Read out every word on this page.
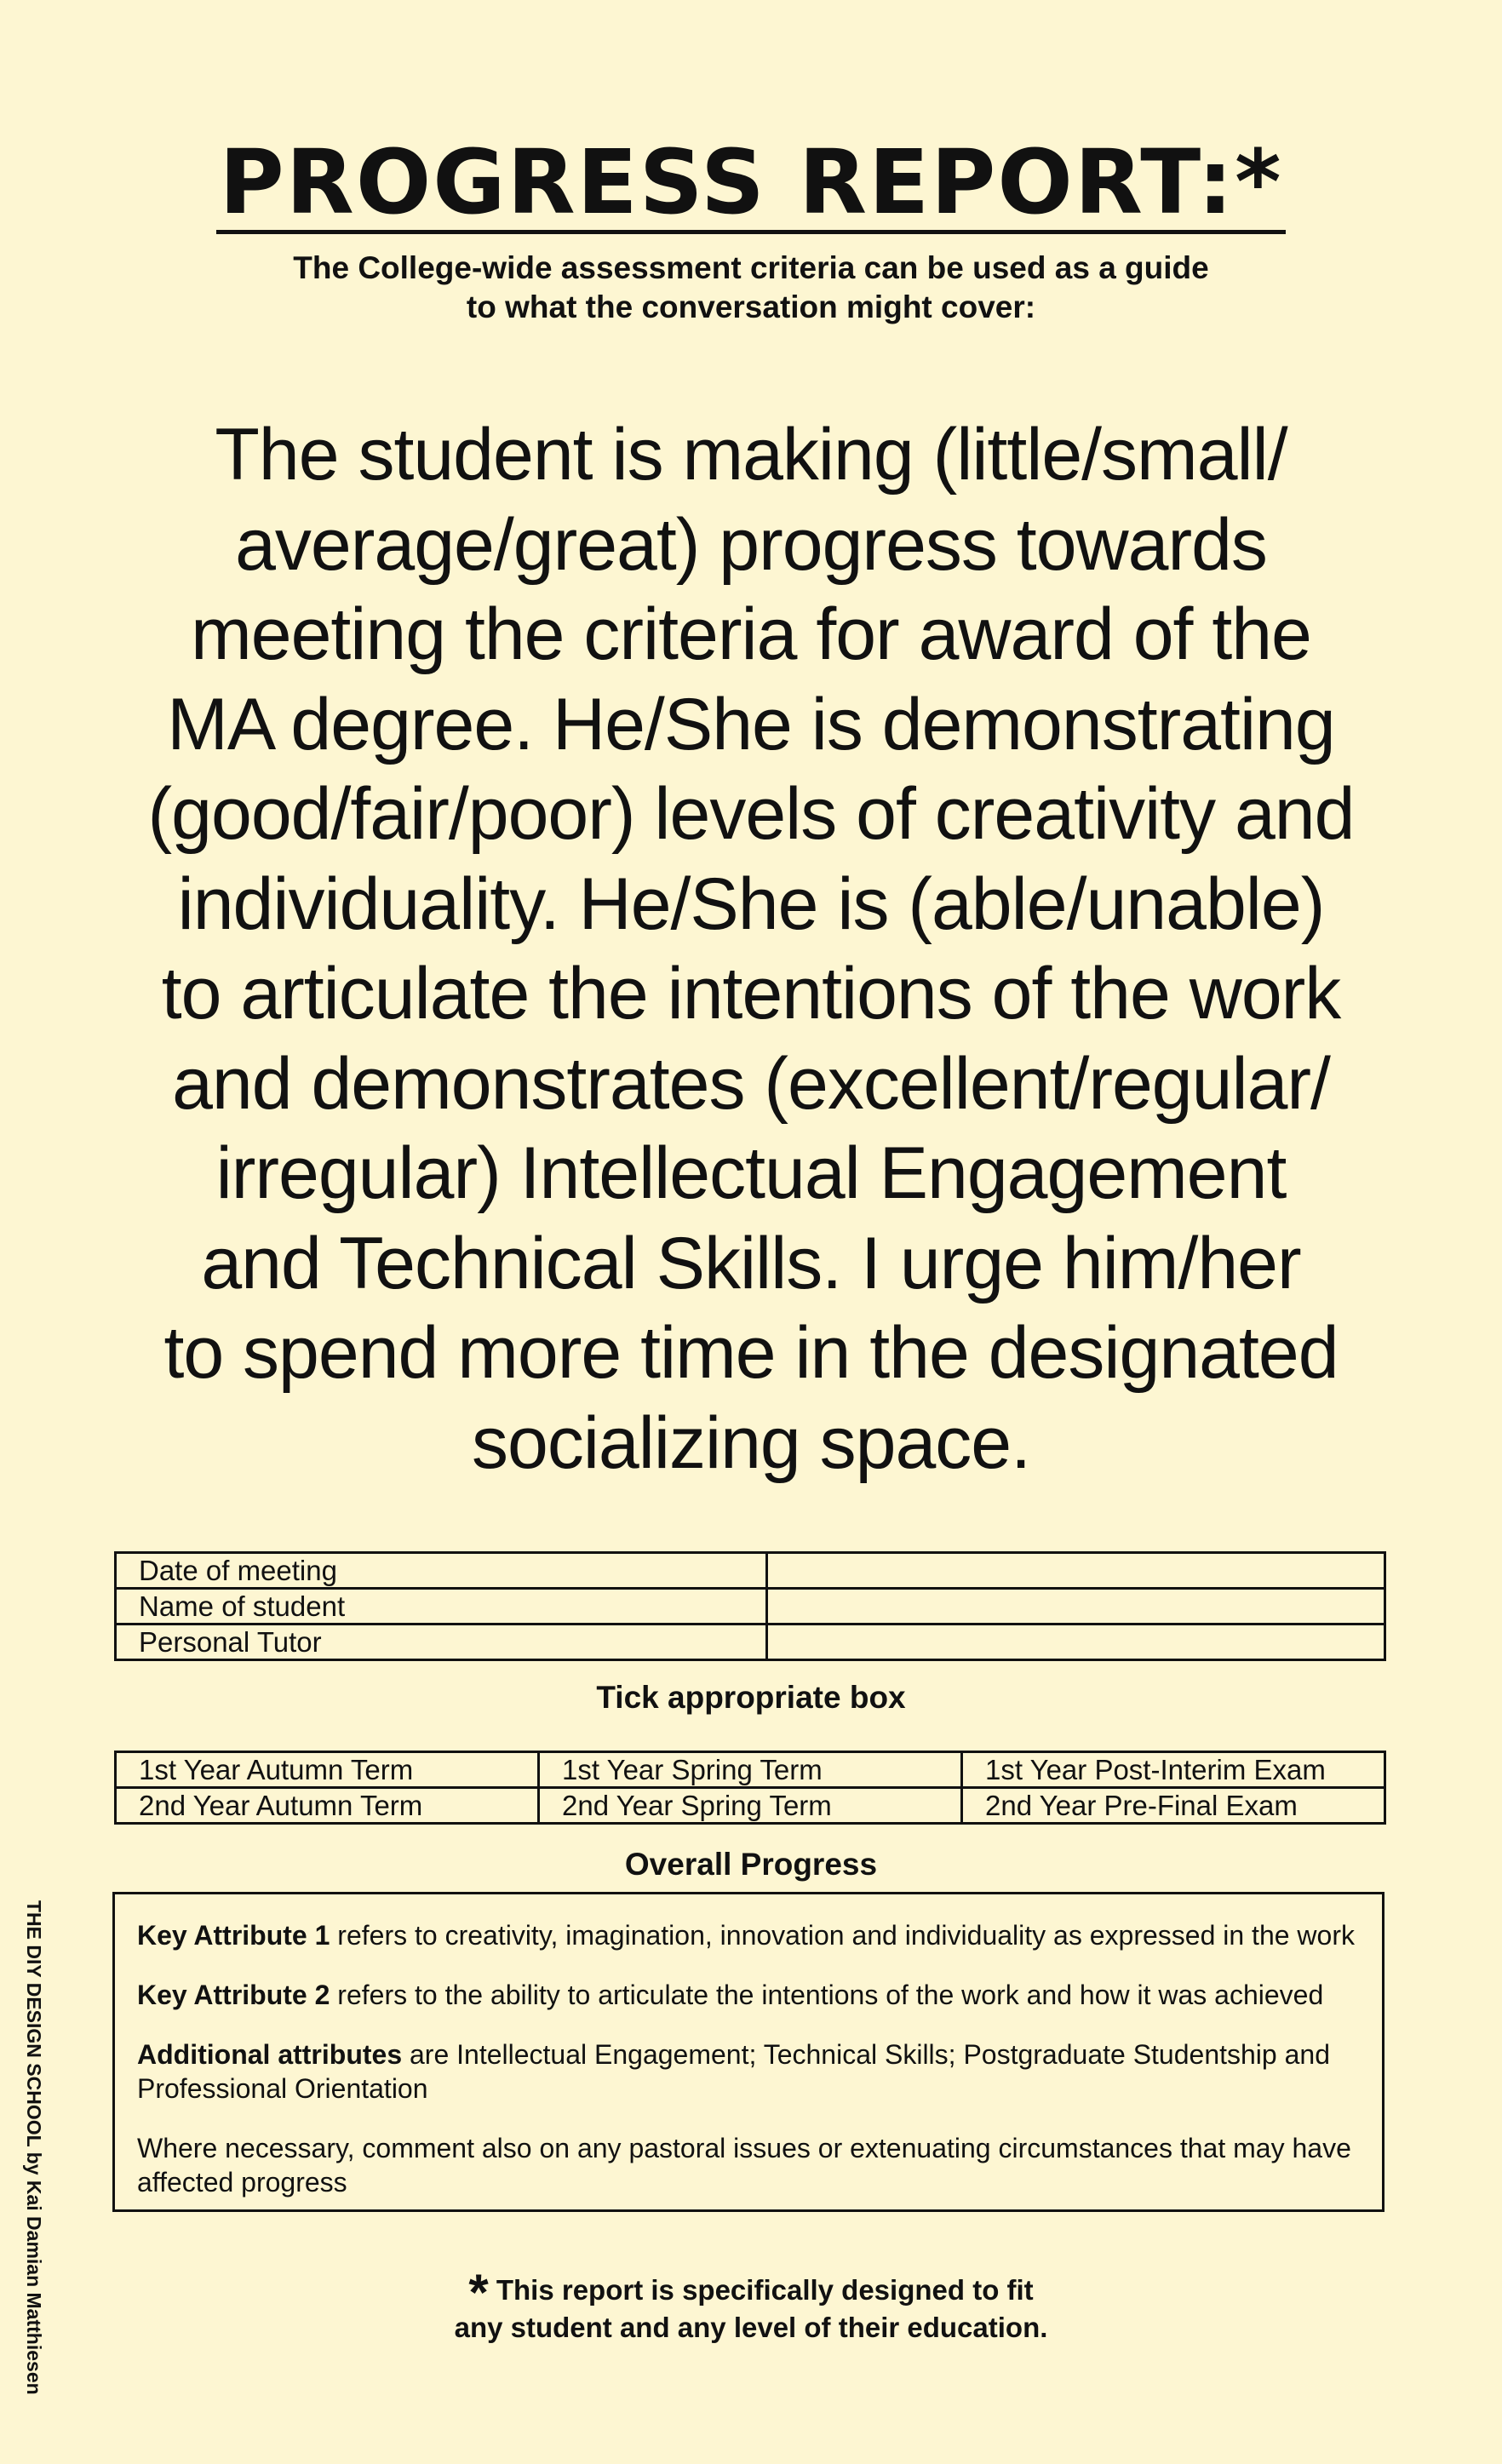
PROGRESS REPORT:*
The College-wide assessment criteria can be used as a guide
to what the conversation might cover:
The student is making (little/small/
average/great) progress towards
meeting the criteria for award of the
MA degree. He/She is demonstrating
(good/fair/poor) levels of creativity and
individuality. He/She is (able/unable)
to articulate the intentions of the work
and demonstrates (excellent/regular/
irregular) Intellectual Engagement
and Technical Skills. I urge him/her
to spend more time in the designated
socializing space.
Date of meeting	
Name of student	
Personal Tutor	
Tick appropriate box
1st Year Autumn Term	1st Year Spring Term	1st Year Post-Interim Exam
2nd Year Autumn Term	2nd Year Spring Term	2nd Year Pre-Final Exam
Overall Progress

Key Attribute 1 refers to creativity, imagination, innovation and individuality as expressed in the work

Key Attribute 2 refers to the ability to articulate the intentions of the work and how it was achieved

Additional attributes are Intellectual Engagement; Technical Skills; Postgraduate Studentship and Professional Orientation

Where necessary, comment also on any pastoral issues or extenuating circumstances that may have affected progress

* This report is specifically designed to fit
any student and any level of their education.
THE DIY DESIGN SCHOOL by Kai Damian Matthiesen
